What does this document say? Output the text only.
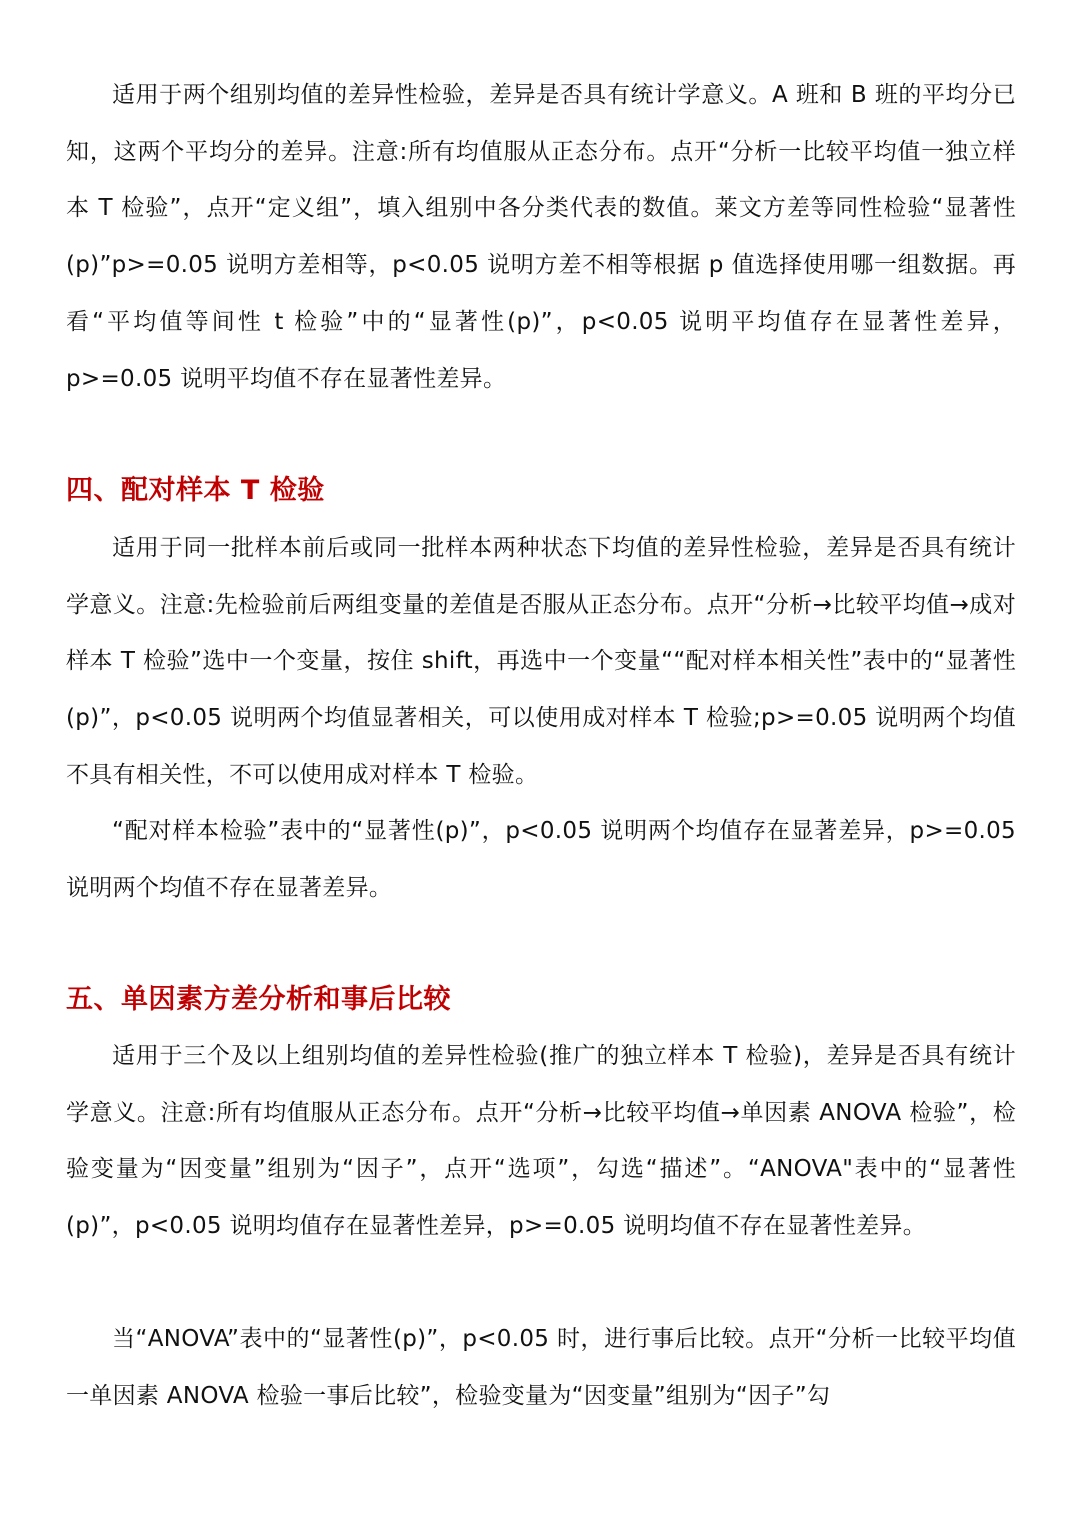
适用于两个组别均值的差异性检验，差异是否具有统计学意义。A 班和 B 班的平均分已知，这两个平均分的差异。注意:所有均值服从正态分布。点开“分析一比较平均值一独立样本 T 检验”，点开“定义组”，填入组别中各分类代表的数值。莱文方差等同性检验“显著性(p)”p>=0.05 说明方差相等，p<0.05 说明方差不相等根据 p 值选择使用哪一组数据。再看“平均值等间性 t 检验”中的“显著性(p)”，p<0.05 说明平均值存在显著性差异，p>=0.05 说明平均值不存在显著性差异。

四、配对样本 T 检验

适用于同一批样本前后或同一批样本两种状态下均值的差异性检验，差异是否具有统计学意义。注意:先检验前后两组变量的差值是否服从正态分布。点开“分析→比较平均值→成对样本 T 检验”选中一个变量，按住 shift，再选中一个变量““配对样本相关性”表中的“显著性(p)”，p<0.05 说明两个均值显著相关，可以使用成对样本 T 检验;p>=0.05 说明两个均值不具有相关性，不可以使用成对样本 T 检验。

“配对样本检验”表中的“显著性(p)”，p<0.05 说明两个均值存在显著差异，p>=0.05 说明两个均值不存在显著差异。

五、单因素方差分析和事后比较

适用于三个及以上组别均值的差异性检验(推广的独立样本 T 检验)，差异是否具有统计学意义。注意:所有均值服从正态分布。点开“分析→比较平均值→单因素 ANOVA 检验”，检验变量为“因变量”组别为“因子”，点开“选项”，勾选“描述”。“ANOVA"表中的“显著性(p)”，p<0.05 说明均值存在显著性差异，p>=0.05 说明均值不存在显著性差异。

当“ANOVA”表中的“显著性(p)”，p<0.05 时，进行事后比较。点开“分析一比较平均值一单因素 ANOVA 检验一事后比较”，检验变量为“因变量”组别为“因子”勾
